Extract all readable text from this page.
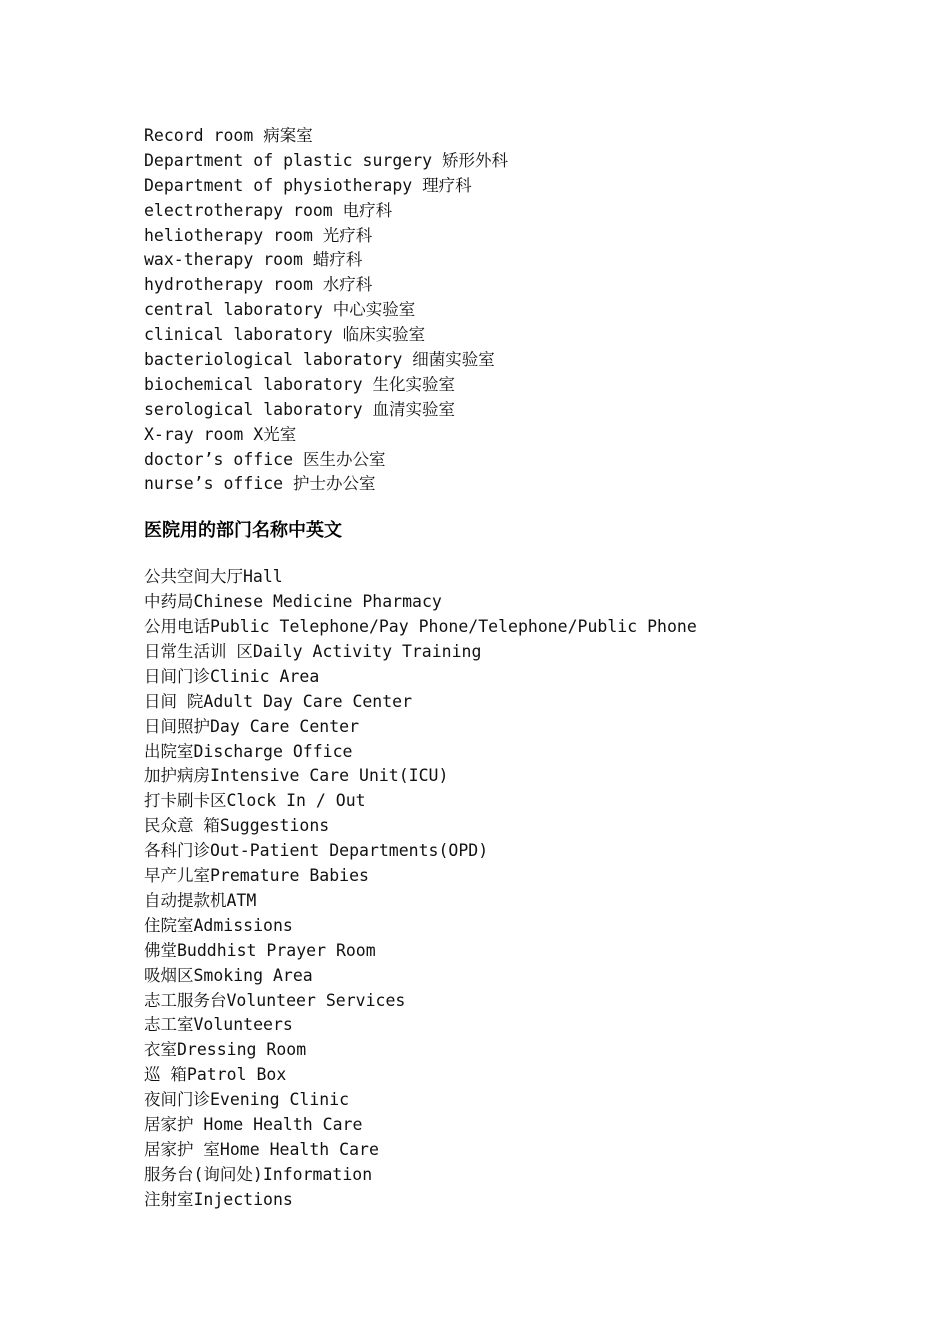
Record room 病案室
Department of plastic surgery 矫形外科
Department of physiotherapy 理疗科
electrotherapy room 电疗科
heliotherapy room 光疗科
wax-therapy room 蜡疗科
hydrotherapy room 水疗科
central laboratory 中心实验室
clinical laboratory 临床实验室
bacteriological laboratory 细菌实验室
biochemical laboratory 生化实验室
serological laboratory 血清实验室
X-ray room X光室
doctor’s office 医生办公室
nurse’s office 护士办公室
医院用的部门名称中英文
公共空间大厅Hall
中药局Chinese Medicine Pharmacy
公用电话Public Telephone/Pay Phone/Telephone/Public Phone
日常生活训 区Daily Activity Training
日间门诊Clinic Area
日间 院Adult Day Care Center
日间照护Day Care Center
出院室Discharge Office
加护病房Intensive Care Unit(ICU)
打卡刷卡区Clock In / Out
民众意 箱Suggestions
各科门诊Out-Patient Departments(OPD)
早产儿室Premature Babies
自动提款机ATM
住院室Admissions
佛堂Buddhist Prayer Room
吸烟区Smoking Area
志工服务台Volunteer Services
志工室Volunteers
衣室Dressing Room
巡 箱Patrol Box
夜间门诊Evening Clinic
居家护 Home Health Care
居家护 室Home Health Care
服务台(询问处)Information
注射室Injections
